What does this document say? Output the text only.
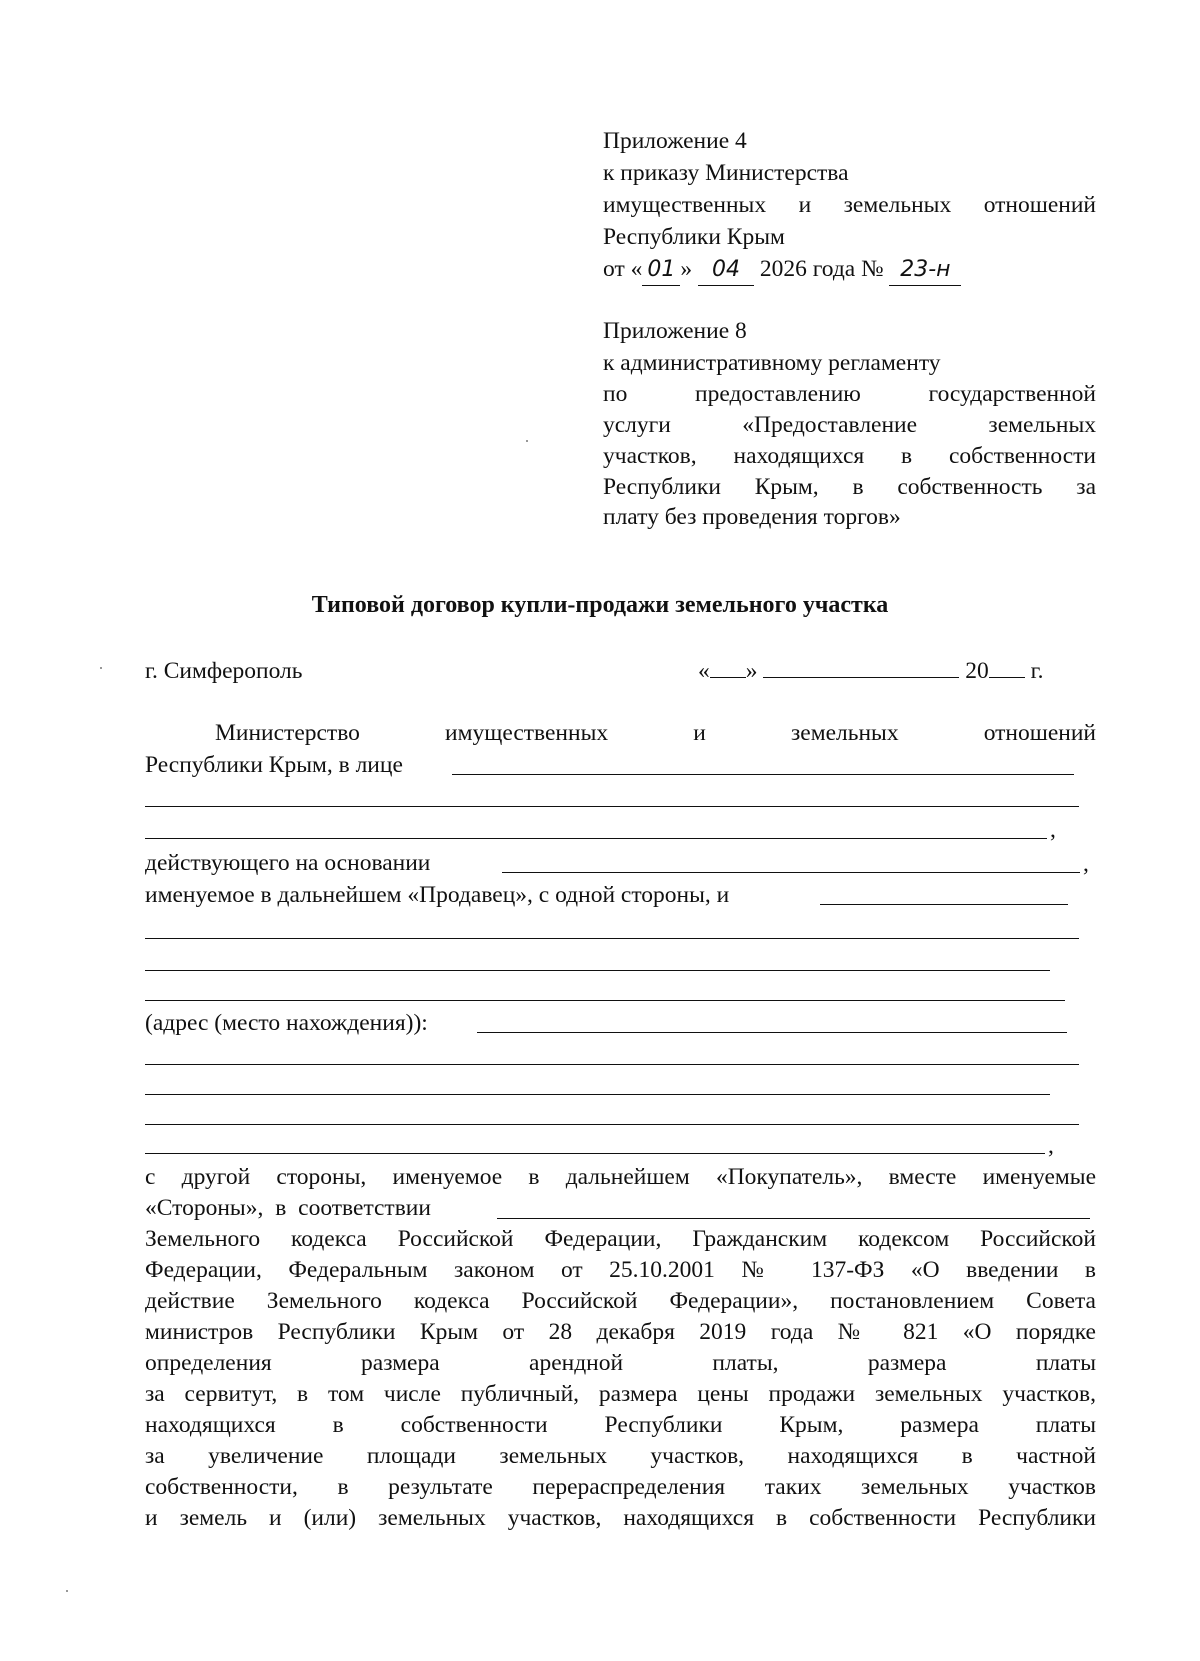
Приложение 4
к приказу Министерства
имущественных и земельных отношений
Республики Крым
от « 01 » 04 2026 года № 23-н
Приложение 8
к административному регламенту
по предоставлению государственной
услуги «Предоставление земельных
участков, находящихся в собственности
Республики Крым, в собственность за
плату без проведения торгов»
Типовой договор купли-продажи земельного участка
г. Симферополь	« »	20 г.
Министерство имущественных и земельных отношений
Республики Крым, в лице
,
действующего на основании	,
именуемое в дальнейшем «Продавец», с одной стороны, и
(адрес (место нахождения)):
,
с другой стороны, именуемое в дальнейшем «Покупатель», вместе именуемые
«Стороны», в соответствии
Земельного кодекса Российской Федерации, Гражданским кодексом Российской
Федерации, Федеральным законом от 25.10.2001 № 137-ФЗ «О введении в
действие Земельного кодекса Российской Федерации», постановлением Совета
министров Республики Крым от 28 декабря 2019 года № 821 «О порядке
определения размера арендной платы, размера платы
за сервитут, в том числе публичный, размера цены продажи земельных участков,
находящихся в собственности Республики Крым, размера платы
за увеличение площади земельных участков, находящихся в частной
собственности, в результате перераспределения таких земельных участков
и земель и (или) земельных участков, находящихся в собственности Республики
